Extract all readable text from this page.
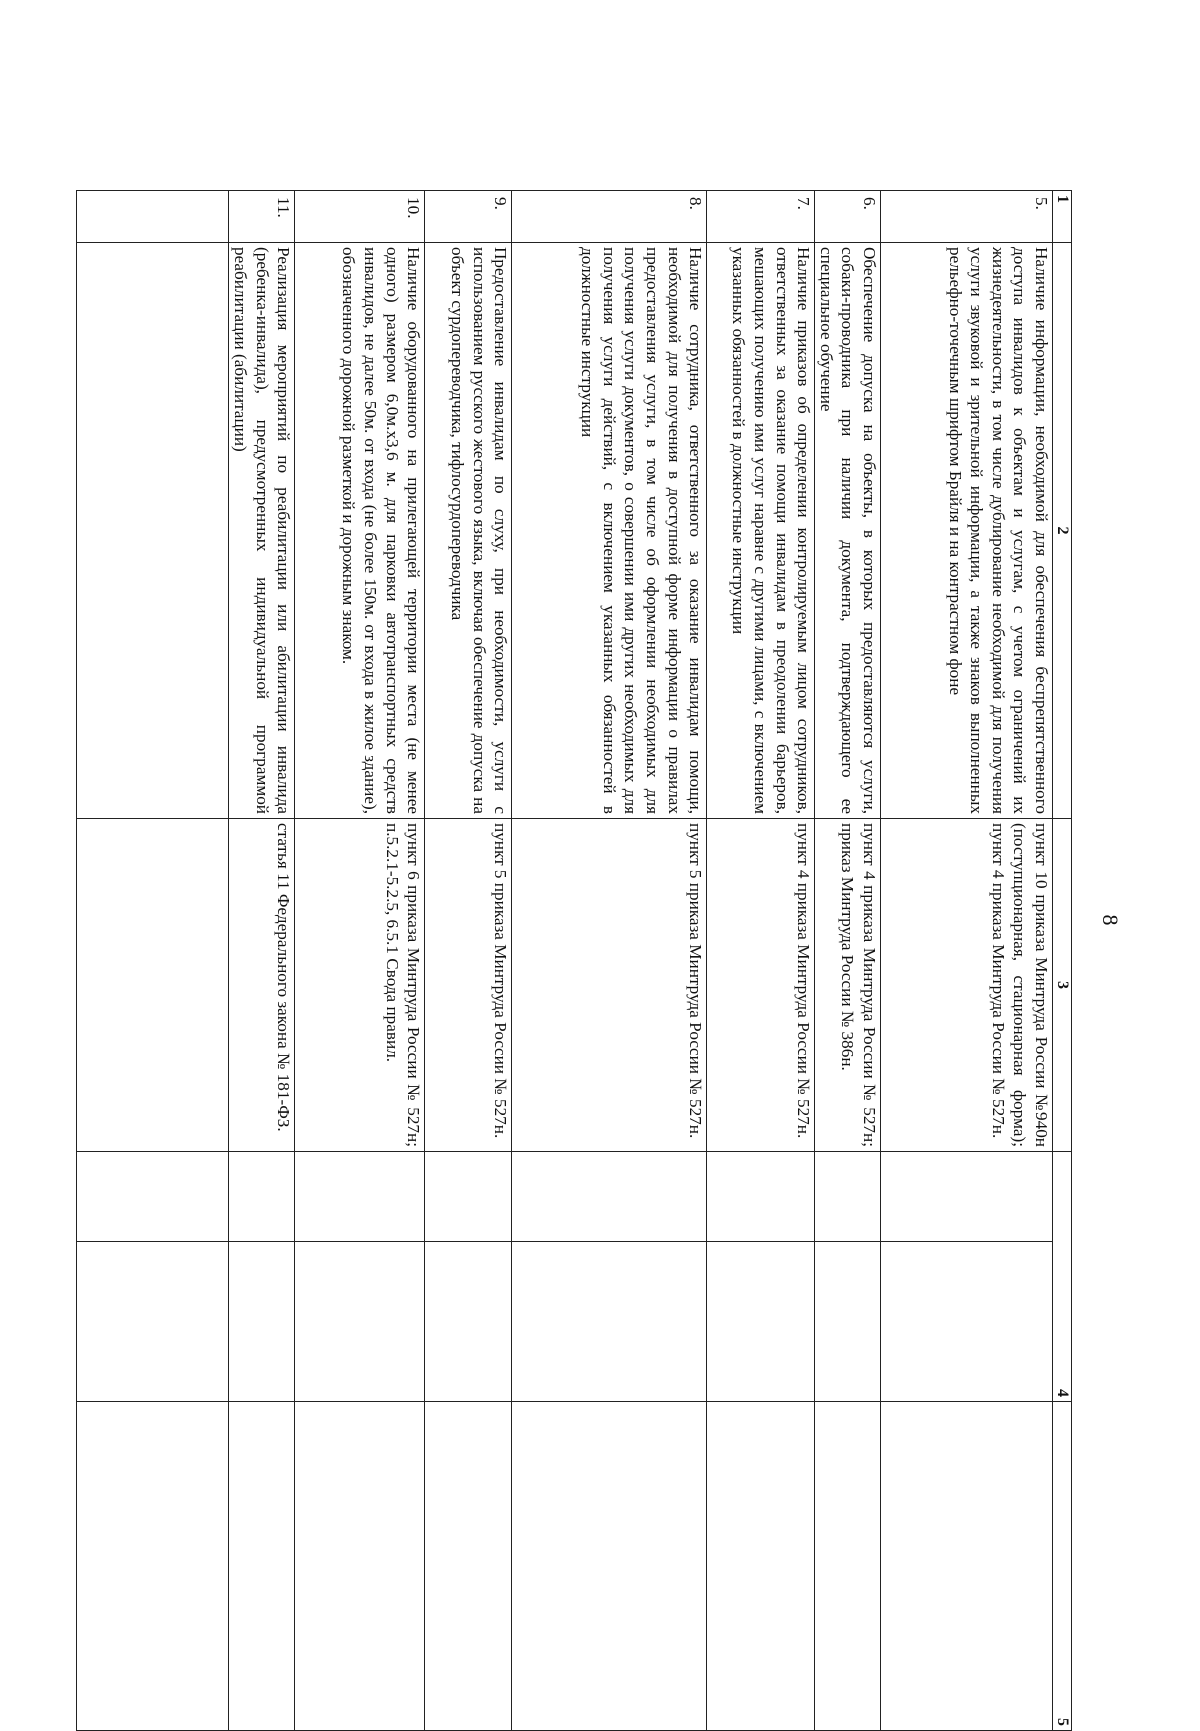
8
1	2	3	4		5
5.	Наличие информации, необходимой для обеспечения беспрепятственного доступа инвалидов к объектам и услугам, с учетом ограничений их жизнедеятельности, в том числе дублирование необходимой для получения услуги звуковой и зрительной информации, а также знаков выполненных рельефно-точечным шрифтом Брайля и на контрастном фоне	пункт 10 приказа Минтруда России №940н (поступционарная, стационарная форма); пункт 4 приказа Минтруда России № 527н.			
6.	Обеспечение допуска на объекты, в которых предоставляются услуги, собаки-проводника при наличии документа, подтверждающего ее специальное обучение	пункт 4 приказа Минтруда России № 527н; приказ Минтруда России № 386н.			
7.	Наличие приказов об определении контролируемым лицом сотрудников, ответственных за оказание помощи инвалидам в преодолении барьеров, мешающих получению ими услуг наравне с другими лицами, с включением указанных обязанностей в должностные инструкции	пункт 4 приказа Минтруда России № 527н.			
8.	Наличие сотрудника, ответственного за оказание инвалидам помощи, необходимой для получения в доступной форме информации о правилах предоставления услуги, в том числе об оформлении необходимых для получения услуги документов, о совершении ими других необходимых для получения услуги действий, с включением указанных обязанностей в должностные инструкции	пункт 5 приказа Минтруда России № 527н.			
9.	Предоставление инвалидам по слуху, при необходимости, услуги с использованием русского жестового языка, включая обеспечение допуска на объект сурдопереводчика, тифлосурдопереводчика	пункт 5 приказа Минтруда России № 527н.			
10.	Наличие оборудованного на прилегающей территории места (не менее одного) размером 6,0м.х3,6 м. для парковки автотранспортных средств инвалидов, не далее 50м. от входа (не более 150м. от входа в жилое здание), обозначенного дорожной разметкой и дорожным знаком.	пункт 6 приказа Минтруда России № 527н; п.5.2.1-5.2.5, 6.5.1 Свода правил.			
11.	Реализация мероприятий по реабилитации или абилитации инвалида (ребенка-инвалида), предусмотренных индивидуальной программой реабилитации (абилитации)	статья 11 Федерального закона № 181-ФЗ.			
